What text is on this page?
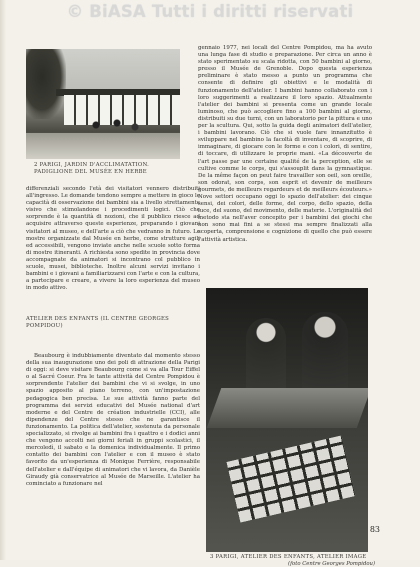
© BiASA Tutti i diritti riservati
2 PARIGI, JARDIN D'ACCLIMATATION. PADIGLIONE DEL MUSÉE EN HERBE

differenziali secondo l'età dei visitatori vennero distribuiti all'ingresso. Le domande tendono sempre a mettere in gioco le capacità di osservazione dei bambini sia a livello strettamente visivo che stimolandone i procedimenti logici. Ciò che sorprende è la quantità di nozioni, che il pubblico riesce ad acquisire attraverso queste esperienze, preparando i giovani visitatori al museo, e dell'arte a ciò che vedranno in futuro. Le mostre organizzate dal Musée en herbe, come strutture agili ed accessibili, vengono inviate anche nelle scuole sotto forma di mostre itineranti. A richiesta sono spedite in provincia dove accompagnate da animatori si incontrano col pubblico in scuole, musei, biblioteche. Inoltre alcuni servizi invitano i bambini e i giovani a familiarizzarsi con l'arte e con la cultura, a partecipare e creare, a vivere la loro esperienza del museo in modo attivo.

ATELIER DES ENFANTS (IL CENTRE GEORGES POMPIDOU)

Beaubourg è indubbiamente diventato dal momento stesso della sua inaugurazione uno dei poli di attrazione della Parigi di oggi: si deve visitare Beaubourg come si va alla Tour Eiffel o al Sacré Coeur. Fra le tante attività del Centre Pompidou è sorprendente l'atelier dei bambini che vi si svolge, in uno spazio apposito al piano terreno, con un'impostazione pedagogica ben precisa. Le sue attività fanno parte del programma dei servizi educativi del Musée national d'art moderne e del Centre de création industrielle (CCI), alle dipendenze del Centre stesso che ne garantisce il funzionamento. La politica dell'atelier, sostenuta da personale specializzato, si rivolge ai bambini fra i quattro e i dodici anni che vengono accolti nei giorni feriali in gruppi scolastici, il mercoledì, il sabato e la domenica individualmente. Il primo contatto dei bambini con l'atelier e con il museo è stato favorito da un'esperienza di Monique Ferrière, responsabile dell'atelier e dall'équipe di animatori che vi lavora, da Danièle Giraudy già conservatrice al Musée de Marseille. L'atelier ha cominciato a funzionare nel

gennaio 1977, nei locali del Centre Pompidou, ma ha avuto una lunga fase di studio e preparazione. Per circa un anno è stato sperimentato su scala ridotta, con 50 bambini al giorno, presso il Musée de Grenoble. Dopo questa esperienza preliminare è stato messo a punto un programma che consente di definire gli obiettivi e le modalità di funzionamento dell'atelier. I bambini hanno collaborato con i loro suggerimenti a realizzare il loro spazio. Attualmente l'atelier dei bambini si presenta come un grande locale luminoso, che può accogliere fino a 100 bambini al giorno, distribuiti su due turni, con un laboratorio per la pittura e uno per la scultura. Qui, sotto la guida degli animatori dell'atelier, i bambini lavorano. Ciò che si vuole fare innanzitutto è sviluppare nel bambino la facoltà di inventare, di scoprire, di immaginare, di giocare con le forme e con i colori, di sentire, di toccare, di utilizzare le proprie mani. «La découverte de l'art passe par une certaine qualité de la perception, elle se cultive comme le corps, qui s'assouplit dans la gymnastique. De la même façon on peut faire travailler son oeil, son oreille, son odorat, son corps, son esprit et devenir de meilleurs gourmets, de meilleurs regardeurs et de meilleurs écouteurs.» Nove settori occupano oggi lo spazio dell'atelier: dei cinque sensi, dei colori, delle forme, del corpo, dello spazio, della luce, del suono, del movimento, delle materie. L'originalità del metodo sta nell'aver concepito per i bambini dei giochi che non sono mai fini a se stessi ma sempre finalizzati alla scoperta, comprensione e cognizione di quello che può essere l'attività artistica.

3 PARIGI, ATELIER DES ENFANTS, ATELIER IMAGE
(foto Centre Georges Pompidou)
83
